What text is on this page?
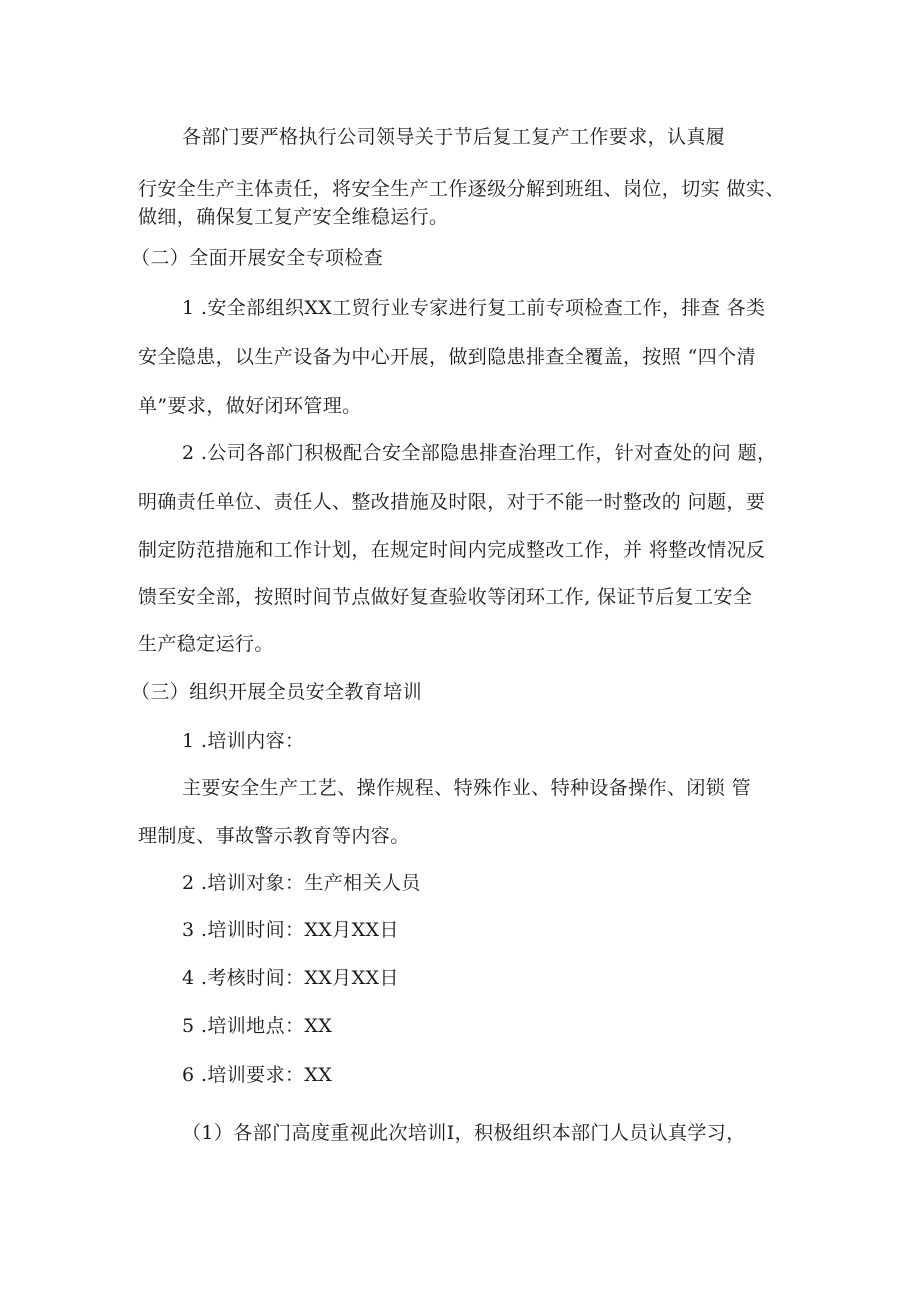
各部门要严格执行公司领导关于节后复工复产工作要求，认真履
行安全生产主体责任，将安全生产工作逐级分解到班组、岗位，切实 做实、
做细，确保复工复产安全维稳运行。
（二）全面开展安全专项检查
1 .安全部组织XX工贸行业专家进行复工前专项检查工作，排查 各类
安全隐患，以生产设备为中心开展，做到隐患排查全覆盖，按照 “四个清
单”要求，做好闭环管理。
2 .公司各部门积极配合安全部隐患排查治理工作，针对查处的问 题，
明确责任单位、责任人、整改措施及时限，对于不能一时整改的 问题，要
制定防范措施和工作计划，在规定时间内完成整改工作，并 将整改情况反
馈至安全部，按照时间节点做好复查验收等闭环工作, 保证节后复工安全
生产稳定运行。
（三）组织开展全员安全教育培训
1 .培训内容：
主要安全生产工艺、操作规程、特殊作业、特种设备操作、闭锁 管
理制度、事故警示教育等内容。
2 .培训对象：生产相关人员
3 .培训时间：XX月XX日
4 .考核时间：XX月XX日
5 .培训地点：XX
6 .培训要求：XX
（1）各部门高度重视此次培训I，积极组织本部门人员认真学习，
